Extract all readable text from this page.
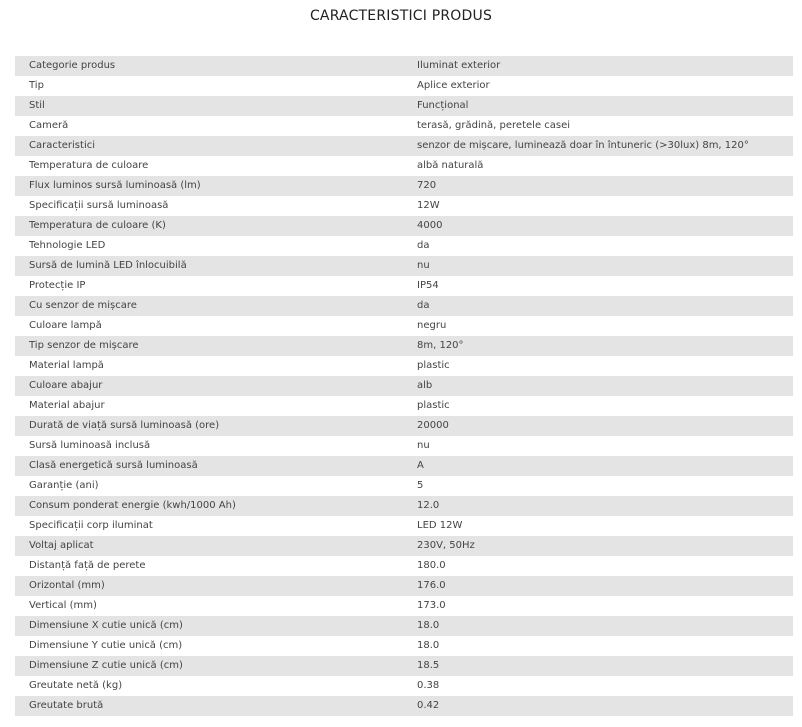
CARACTERISTICI PRODUS
Categorie produs	Iluminat exterior
Tip	Aplice exterior
Stil	Funcțional
Cameră	terasă, grădină, peretele casei
Caracteristici	senzor de mișcare, luminează doar în întuneric (>30lux) 8m, 120°
Temperatura de culoare	albă naturală
Flux luminos sursă luminoasă (lm)	720
Specificații sursă luminoasă	12W
Temperatura de culoare (K)	4000
Tehnologie LED	da
Sursă de lumină LED înlocuibilă	nu
Protecție IP	IP54
Cu senzor de mișcare	da
Culoare lampă	negru
Tip senzor de mișcare	8m, 120°
Material lampă	plastic
Culoare abajur	alb
Material abajur	plastic
Durată de viață sursă luminoasă (ore)	20000
Sursă luminoasă inclusă	nu
Clasă energetică sursă luminoasă	A
Garanție (ani)	5
Consum ponderat energie (kwh/1000 Ah)	12.0
Specificații corp iluminat	LED 12W
Voltaj aplicat	230V, 50Hz
Distanță față de perete	180.0
Orizontal (mm)	176.0
Vertical (mm)	173.0
Dimensiune X cutie unică (cm)	18.0
Dimensiune Y cutie unică (cm)	18.0
Dimensiune Z cutie unică (cm)	18.5
Greutate netă (kg)	0.38
Greutate brută	0.42
